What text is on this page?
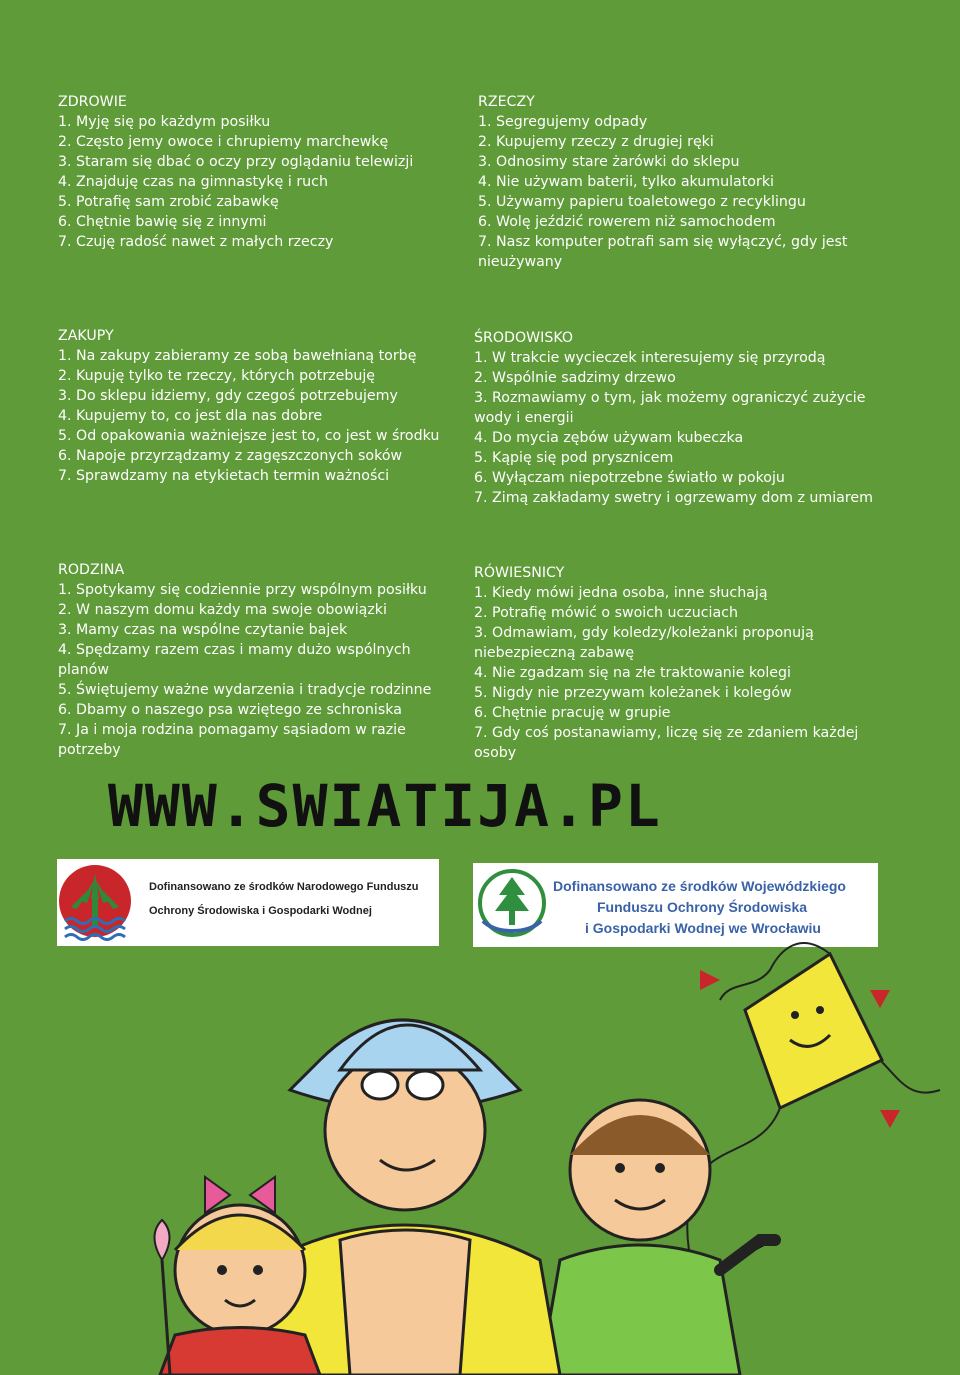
ZDROWIE
1. Myję się po każdym posiłku
2. Często jemy owoce i chrupiemy marchewkę
3. Staram się dbać o oczy przy oglądaniu telewizji
4. Znajduję czas na gimnastykę i ruch
5. Potrafię sam zrobić zabawkę
6. Chętnie bawię się z innymi
7. Czuję radość nawet z małych rzeczy
RZECZY
1. Segregujemy odpady
2. Kupujemy rzeczy z drugiej ręki
3. Odnosimy stare żarówki do sklepu
4. Nie używam baterii, tylko akumulatorki
5. Używamy papieru toaletowego z recyklingu
6. Wolę jeździć rowerem niż samochodem
7. Nasz komputer potrafi sam się wyłączyć, gdy jest nieużywany
ZAKUPY
1. Na zakupy zabieramy ze sobą bawełnianą torbę
2. Kupuję tylko te rzeczy, których potrzebuję
3. Do sklepu idziemy, gdy czegoś potrzebujemy
4. Kupujemy to, co jest dla nas dobre
5. Od opakowania ważniejsze jest to, co jest w środku
6. Napoje przyrządzamy z zagęszczonych soków
7. Sprawdzamy na etykietach termin ważności
ŚRODOWISKO
1. W trakcie wycieczek interesujemy się przyrodą
2. Wspólnie sadzimy drzewo
3. Rozmawiamy o tym, jak możemy ograniczyć zużycie wody i energii
4. Do mycia zębów używam kubeczka
5. Kąpię się pod prysznicem
6. Wyłączam niepotrzebne światło w pokoju
7. Zimą zakładamy swetry i ogrzewamy dom z umiarem
RODZINA
1. Spotykamy się codziennie przy wspólnym posiłku
2. W naszym domu każdy ma swoje obowiązki
3. Mamy czas na wspólne czytanie bajek
4. Spędzamy razem czas i mamy dużo wspólnych planów
5. Świętujemy ważne wydarzenia i tradycje rodzinne
6. Dbamy o naszego psa wziętego ze schroniska
7. Ja i moja rodzina pomagamy sąsiadom w razie potrzeby
RÓWIESNICY
1. Kiedy mówi jedna osoba, inne słuchają
2. Potrafię mówić o swoich uczuciach
3. Odmawiam, gdy koledzy/koleżanki proponują niebezpieczną zabawę
4. Nie zgadzam się na złe traktowanie kolegi
5. Nigdy nie przezywam koleżanek i kolegów
6. Chętnie pracuję w grupie
7. Gdy coś postanawiamy, liczę się ze zdaniem każdej osoby
WWW.SWIATIJA.PL
Dofinansowano ze środków Narodowego Funduszu
Ochrony Środowiska i Gospodarki Wodnej
Dofinansowano ze środków Wojewódzkiego
Funduszu Ochrony Środowiska
i Gospodarki Wodnej we Wrocławiu
